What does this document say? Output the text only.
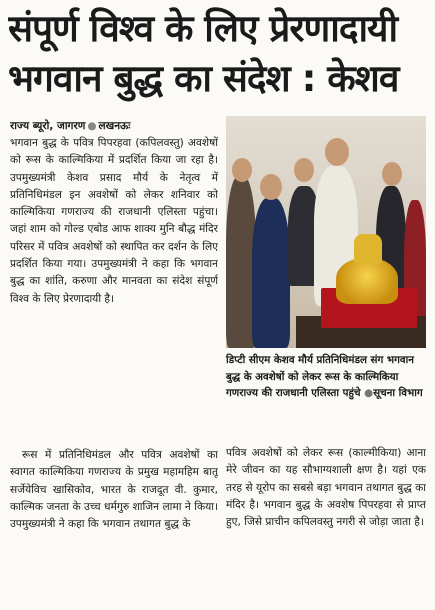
संपूर्ण विश्व के लिए प्रेरणादायी
भगवान बुद्ध का संदेश : केशव
राज्य ब्यूरो, जागरण ● लखनऊः

भगवान बुद्ध के पवित्र पिपरहवा (कपिलवस्तु) अवशेषों को रूस के काल्मिकिया में प्रदर्शित किया जा रहा है। उपमुख्यमंत्री केशव प्रसाद मौर्य के नेतृत्व में प्रतिनिधिमंडल इन अवशेषों को लेकर शनिवार को काल्मिकिया गणराज्य की राजधानी एलिस्ता पहुंचा। जहां शाम को गोल्ड एबोड आफ शाक्य मुनि बौद्ध मंदिर परिसर में पवित्र अवशेषों को स्थापित कर दर्शन के लिए प्रदर्शित किया गया। उपमुख्यमंत्री ने कहा कि भगवान बुद्ध का शांति, करुणा और मानवता का संदेश संपूर्ण विश्व के लिए प्रेरणादायी है।

रूस में प्रतिनिधिमंडल और पवित्र अवशेषों का स्वागत काल्मिकिया गणराज्य के प्रमुख महामहिम बातू सर्जेयेविच खासिकोव, भारत के राजदूत वी. कुमार, काल्मिक जनता के उच्च धर्मगुरु शाजिन लामा ने किया। उपमुख्यमंत्री ने कहा कि भगवान तथागत बुद्ध के

डिप्टी सीएम केशव मौर्य प्रतिनिधिमंडल संग भगवान बुद्ध के अवशेषों को लेकर रूस के काल्मिकिया गणराज्य की राजधानी एलिस्ता पहुंचे ●सूचना विभाग

पवित्र अवशेषों को लेकर रूस (काल्मीकिया) आना मेरे जीवन का यह सौभाग्यशाली क्षण है। यहां एक तरह से यूरोप का सबसे बड़ा भगवान तथागत बुद्ध का मंदिर है। भगवान बुद्ध के अवशेष पिपरहवा से प्राप्त हुए, जिसे प्राचीन कपिलवस्तु नगरी से जोड़ा जाता है।
